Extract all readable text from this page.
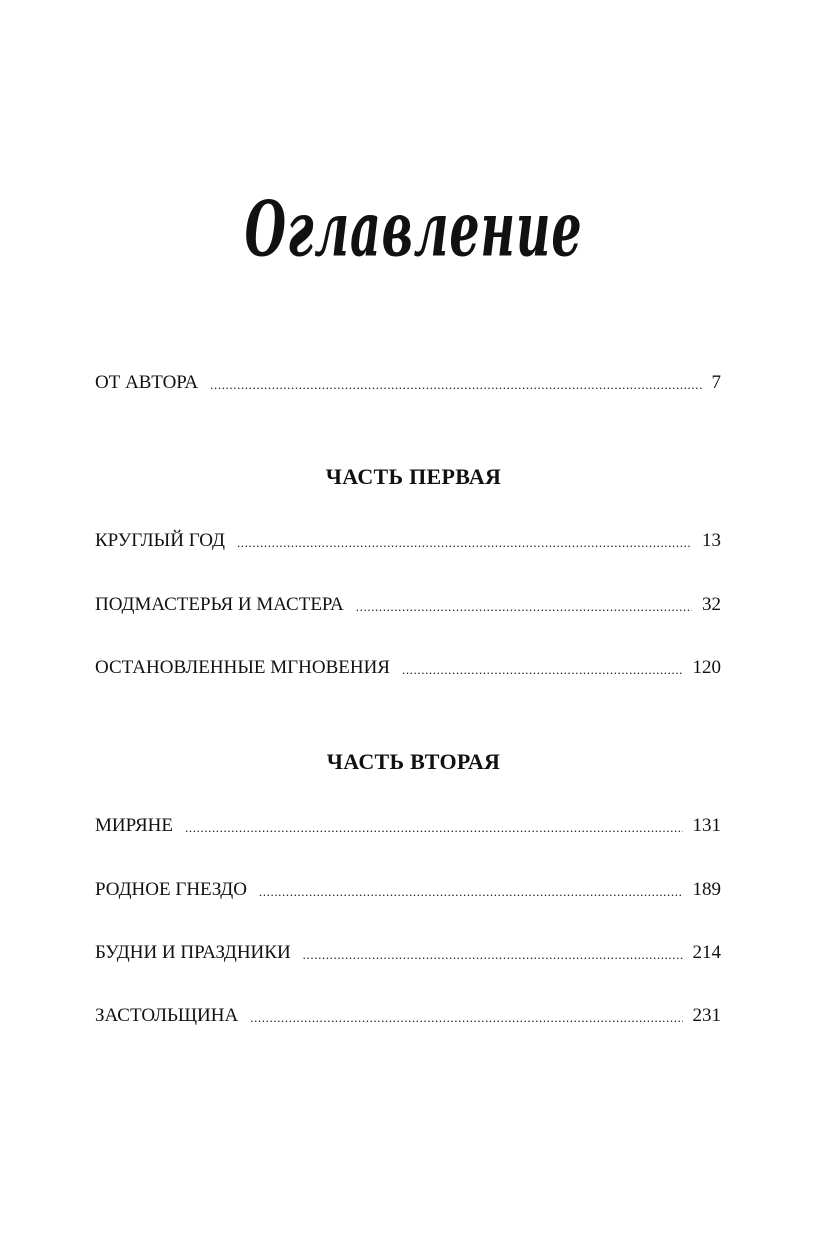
Оглавление
ОТ АВТОРА .....	7
ЧАСТЬ ПЕРВАЯ
КРУГЛЫЙ ГОД .....	13
ПОДМАСТЕРЬЯ И МАСТЕРА .....	32
ОСТАНОВЛЕННЫЕ МГНОВЕНИЯ .....	120
ЧАСТЬ ВТОРАЯ
МИРЯНЕ .....	131
РОДНОЕ ГНЕЗДО .....	189
БУДНИ И ПРАЗДНИКИ .....	214
ЗАСТОЛЬЩИНА .....	231
